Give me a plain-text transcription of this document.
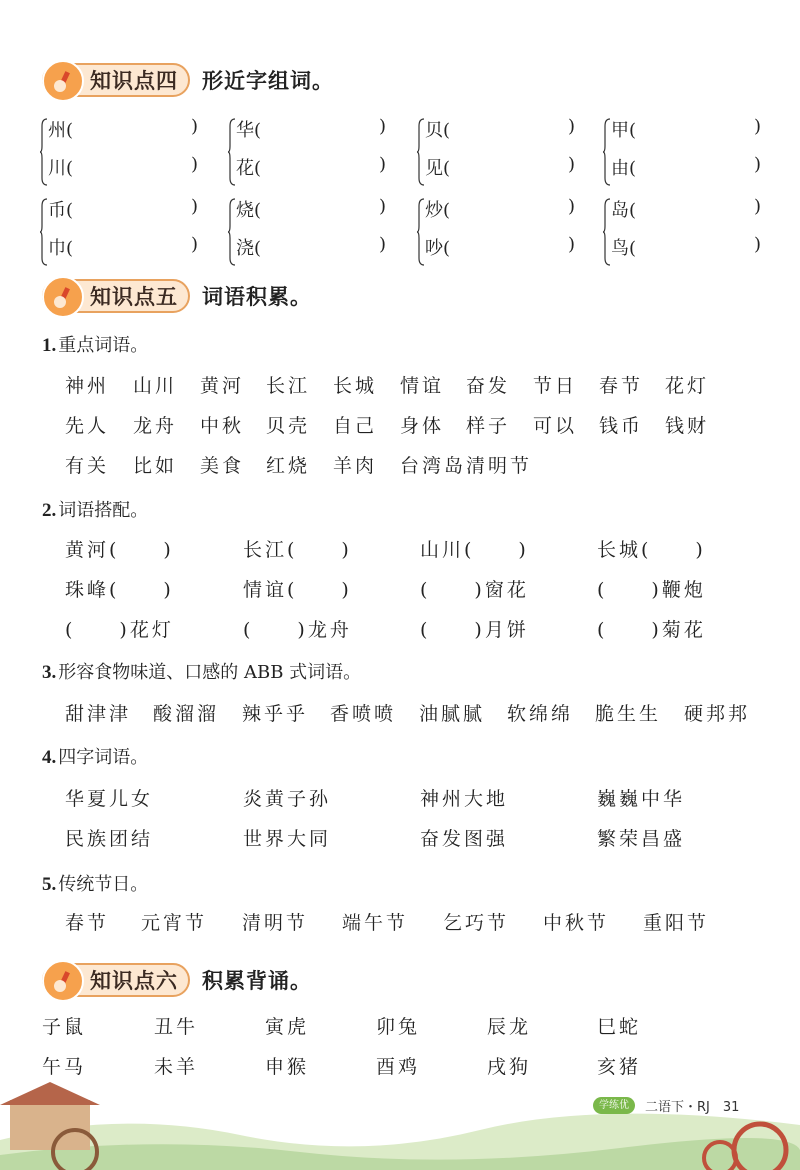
知识点四 形近字组词。
州(	)
川(	)
华(	)
花(	)
贝(	)
见(	)
甲(	)
由(	)
币(	)
巾(	)
烧(	)
浇(	)
炒(	)
吵(	)
岛(	)
鸟(	)
知识点五 词语积累。
1. 重点词语。
2. 词语搭配。
3. 形容食物味道、口感的 ABB 式词语。
4. 四字词语。
5. 传统节日。
神州 山川 黄河 长江 长城 情谊 奋发 节日 春节 花灯
先人 龙舟 中秋 贝壳 自己 身体 样子 可以 钱币 钱财
有关 比如 美食 红烧 羊肉 台湾岛 清明节
黄河(　　)	长江(　　)	山川(　　)	长城(　　)
珠峰(　　)	情谊(　　)	(　　)窗花	(　　)鞭炮
(　　)花灯	(　　)龙舟	(　　)月饼	(　　)菊花
甜津津 酸溜溜 辣乎乎 香喷喷 油腻腻 软绵绵 脆生生 硬邦邦
华夏儿女	炎黄子孙	神州大地	巍巍中华
民族团结	世界大同	奋发图强	繁荣昌盛
春节 元宵节 清明节 端午节 乞巧节 中秋节 重阳节
子鼠	丑牛	寅虎	卯兔	辰龙	巳蛇
午马	未羊	申猴	酉鸡	戌狗	亥猪
知识点六 积累背诵。
学练优	二语下・RJ　31
